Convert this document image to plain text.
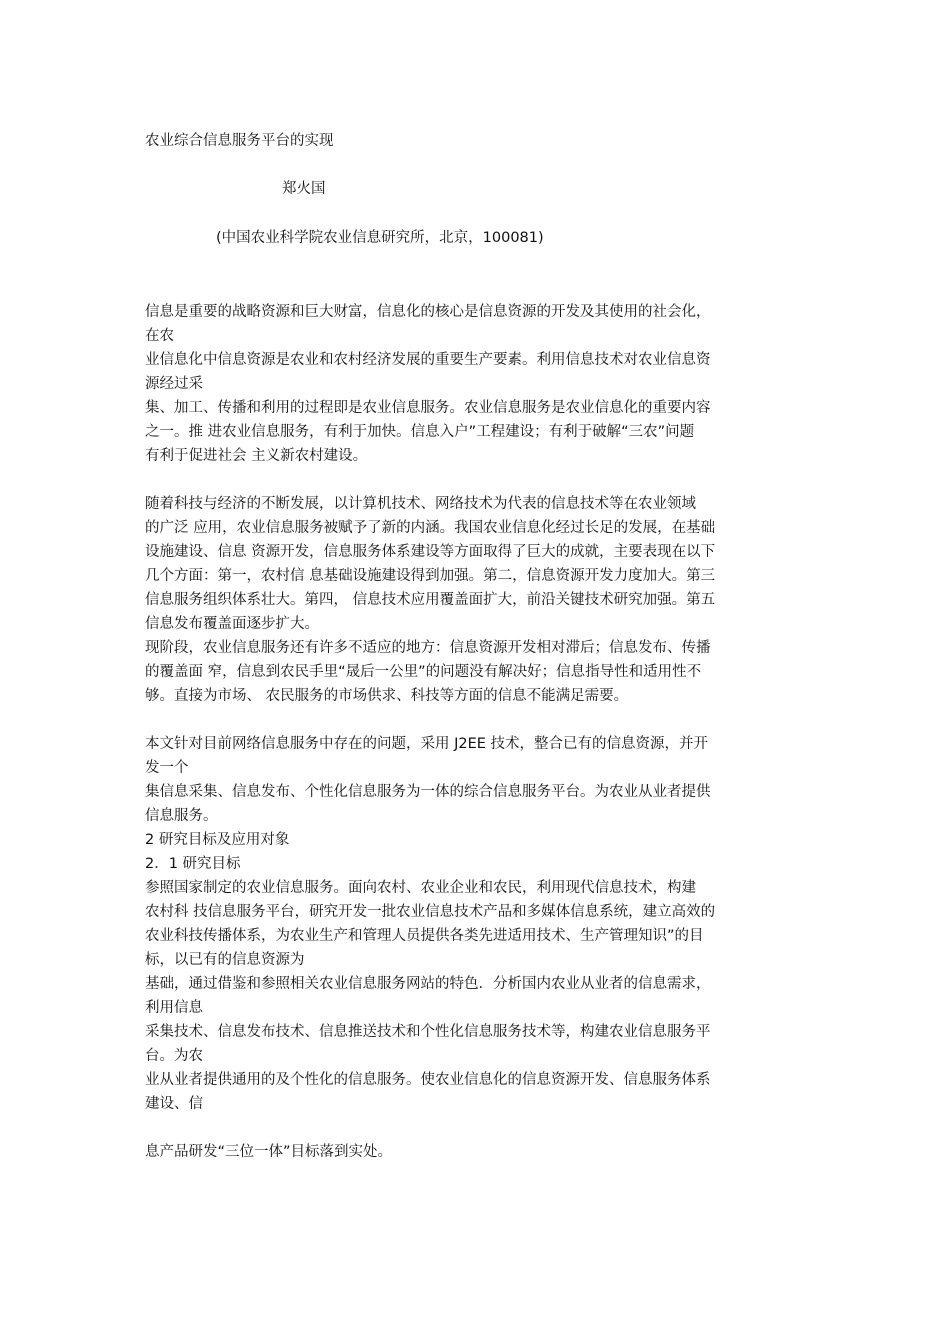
农业综合信息服务平台的实现
郑火国
(中国农业科学院农业信息研究所，北京，100081)
信息是重要的战略资源和巨大财富，信息化的核心是信息资源的开发及其使用的社会化，
在农
业信息化中信息资源是农业和农村经济发展的重要生产要素。利用信息技术对农业信息资
源经过采
集、加工、传播和利用的过程即是农业信息服务。农业信息服务是农业信息化的重要内容
之一。推 进农业信息服务，有利于加快。信息入户”工程建设；有利于破解“三农”问题
有利于促进社会 主义新农村建设。
随着科技与经济的不断发展，以计算机技术、网络技术为代表的信息技术等在农业领域
的广泛 应用，农业信息服务被赋予了新的内涵。我国农业信息化经过长足的发展，在基础
设施建设、信息 资源开发，信息服务体系建设等方面取得了巨大的成就，主要表现在以下
几个方面：第一，农村信 息基础设施建设得到加强。第二，信息资源开发力度加大。第三
信息服务组织体系壮大。第四， 信息技术应用覆盖面扩大，前沿关键技术研究加强。第五
信息发布覆盖面逐步扩大。
现阶段，农业信息服务还有许多不适应的地方：信息资源开发相对滞后；信息发布、传播
的覆盖面 窄，信息到农民手里“晟后一公里”的问题没有解决好；信息指导性和适用性不
够。直接为市场、 农民服务的市场供求、科技等方面的信息不能满足需要。
本文针对目前网络信息服务中存在的问题，采用 J2EE 技术，整合已有的信息资源，并开
发一个
集信息采集、信息发布、个性化信息服务为一体的综合信息服务平台。为农业从业者提供
信息服务。
2 研究目标及应用对象
2．1 研究目标
参照国家制定的农业信息服务。面向农村、农业企业和农民，利用现代信息技术，构建
农村科 技信息服务平台，研究开发一批农业信息技术产品和多媒体信息系统，建立高效的
农业科技传播体系，为农业生产和管理人员提供各类先进适用技术、生产管理知识”的目
标，以已有的信息资源为
基础，通过借鉴和参照相关农业信息服务网站的特色．分析国内农业从业者的信息需求，
利用信息
采集技术、信息发布技术、信息推送技术和个性化信息服务技术等，构建农业信息服务平
台。为农
业从业者提供通用的及个性化的信息服务。使农业信息化的信息资源开发、信息服务体系
建设、信
息产品研发“三位一体”目标落到实处。
